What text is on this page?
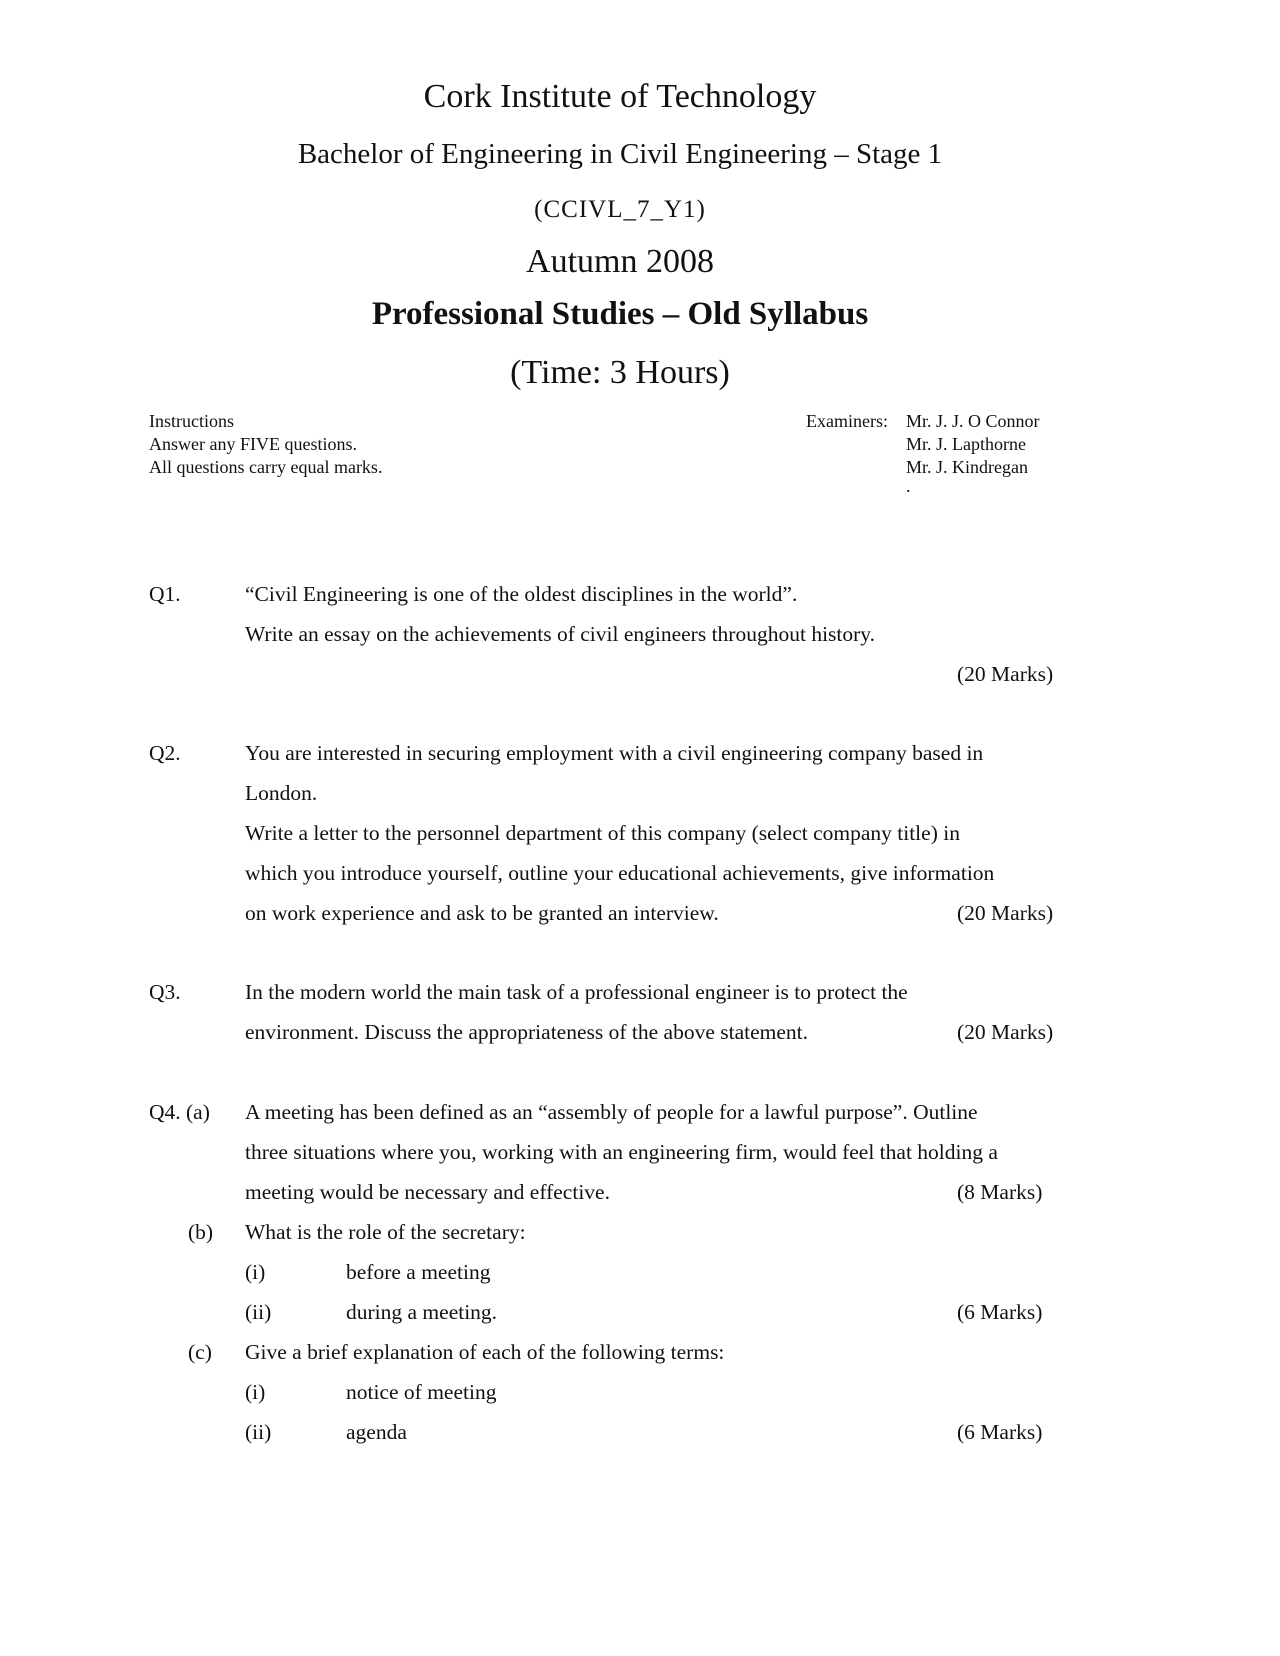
Cork Institute of Technology
Bachelor of Engineering in Civil Engineering – Stage 1
(CCIVL_7_Y1)
Autumn 2008
Professional Studies – Old Syllabus
(Time: 3 Hours)
Instructions
Answer any FIVE questions.
All questions carry equal marks.
Examiners: Mr. J. J. O Connor
Mr. J. Lapthorne
Mr. J. Kindregan
.
Q1.	“Civil Engineering is one of the oldest disciplines in the world”.
Write an essay on the achievements of civil engineers throughout history.
(20 Marks)
Q2.	You are interested in securing employment with a civil engineering company based in
London.
Write a letter to the personnel department of this company (select company title) in
which you introduce yourself, outline your educational achievements, give information
on work experience and ask to be granted an interview.	(20 Marks)
Q3.	In the modern world the main task of a professional engineer is to protect the
environment. Discuss the appropriateness of the above statement.	(20 Marks)
Q4. (a) A meeting has been defined as an “assembly of people for a lawful purpose”. Outline
three situations where you, working with an engineering firm, would feel that holding a
meeting would be necessary and effective.	(8 Marks)
(b) What is the role of the secretary:
(i)	before a meeting
(ii)	during a meeting.	(6 Marks)
(c) Give a brief explanation of each of the following terms:
(i)	notice of meeting
(ii)	agenda	(6 Marks)
